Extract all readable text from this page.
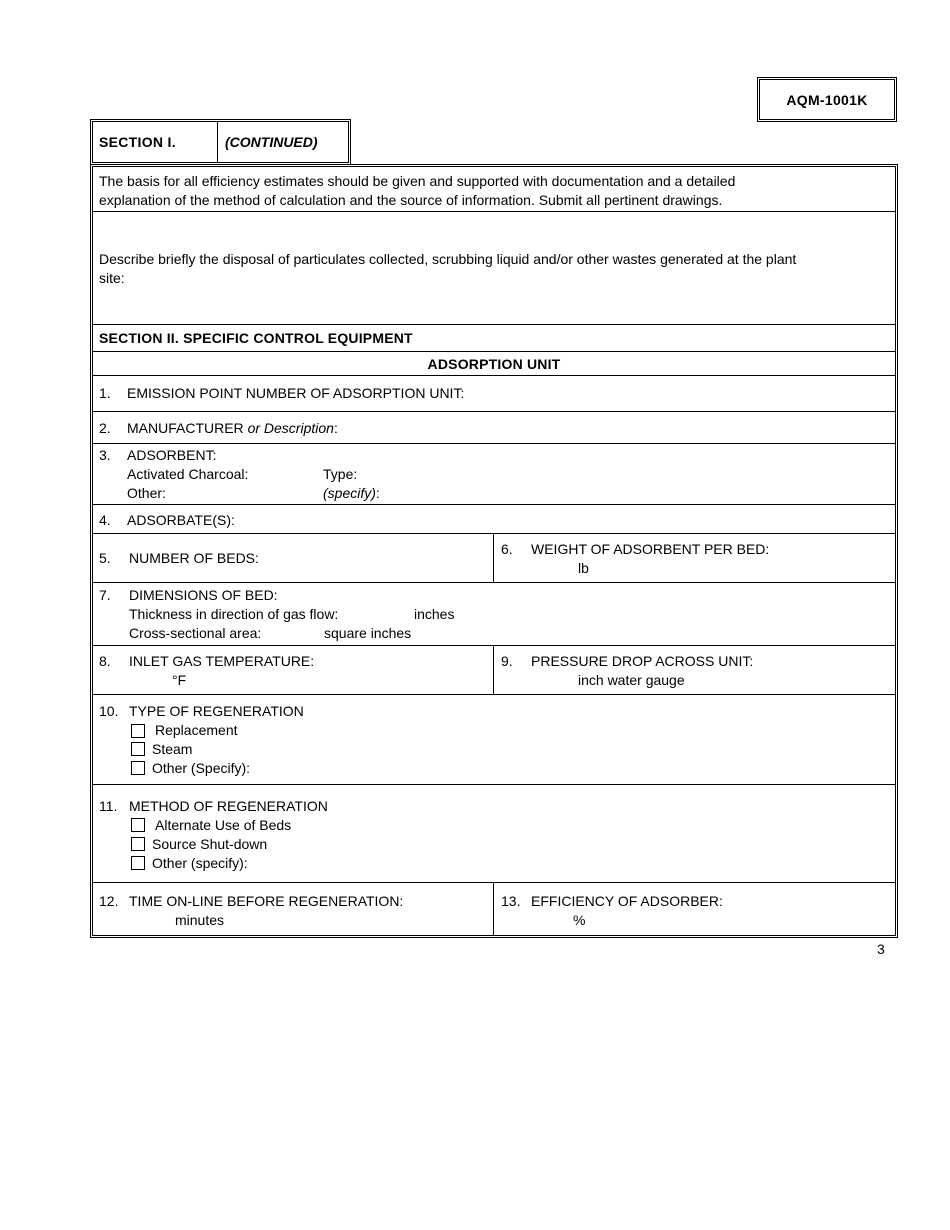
AQM-1001K
SECTION I.	(CONTINUED)
The basis for all efficiency estimates should be given and supported with documentation and a detailed
explanation of the method of calculation and the source of information. Submit all pertinent drawings.
Describe briefly the disposal of particulates collected, scrubbing liquid and/or other wastes generated at the plant
site:
SECTION II. SPECIFIC CONTROL EQUIPMENT
ADSORPTION UNIT
1. EMISSION POINT NUMBER OF ADSORPTION UNIT:
2. MANUFACTURER or Description:
3. ADSORBENT:
Activated Charcoal:	Type:
Other:	(specify):
4. ADSORBATE(S):
5. NUMBER OF BEDS:
6. WEIGHT OF ADSORBENT PER BED:
lb
7. DIMENSIONS OF BED:
Thickness in direction of gas flow:	inches
Cross-sectional area:	square inches
8. INLET GAS TEMPERATURE:
°F
9. PRESSURE DROP ACROSS UNIT:
inch water gauge
10. TYPE OF REGENERATION
Replacement
Steam
Other (Specify):
11. METHOD OF REGENERATION
Alternate Use of Beds
Source Shut-down
Other (specify):
12. TIME ON-LINE BEFORE REGENERATION:
minutes
13. EFFICIENCY OF ADSORBER:
%
3
